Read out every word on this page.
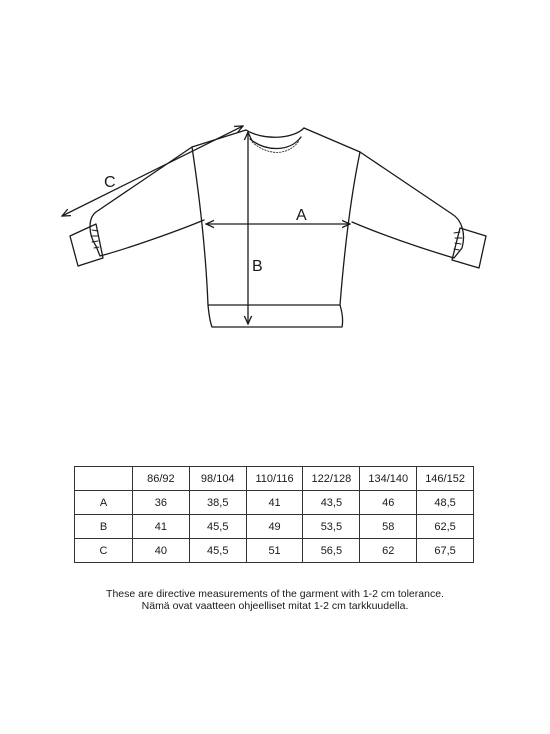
A
B
C
	86/92	98/104	110/116	122/128	134/140	146/152
A	36	38,5	41	43,5	46	48,5
B	41	45,5	49	53,5	58	62,5
C	40	45,5	51	56,5	62	67,5
These are directive measurements of the garment with 1-2 cm tolerance.
Nämä ovat vaatteen ohjeelliset mitat 1-2 cm tarkkuudella.
